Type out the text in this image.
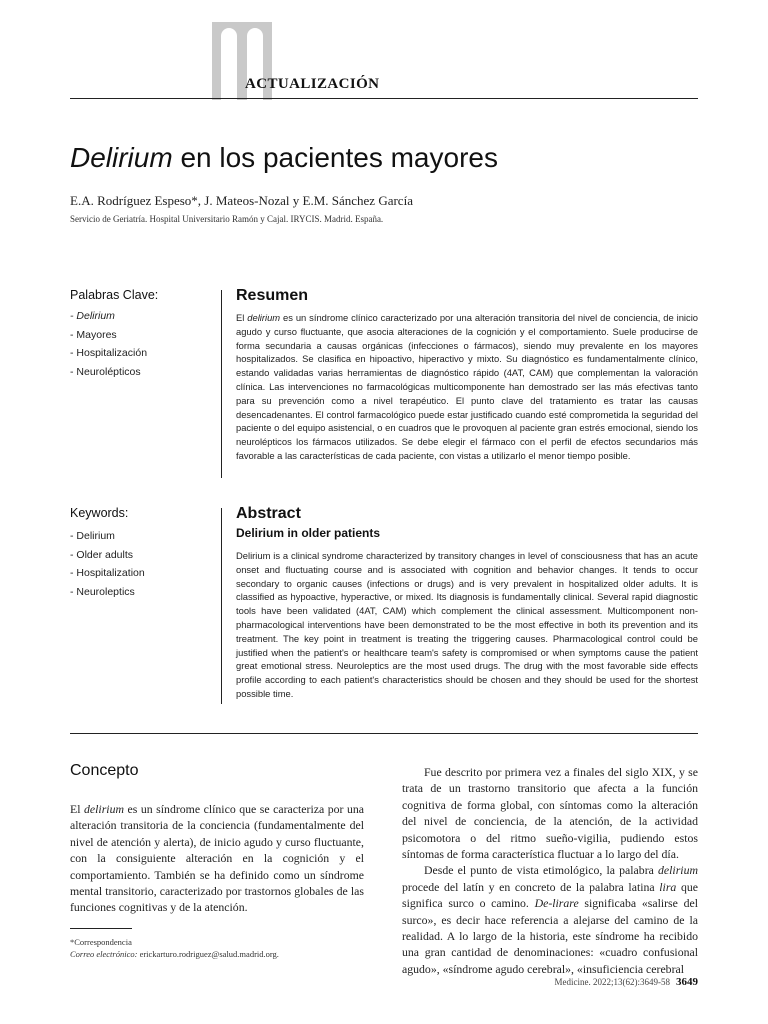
ACTUALIZACIÓN
Delirium en los pacientes mayores
E.A. Rodríguez Espeso*, J. Mateos-Nozal y E.M. Sánchez García
Servicio de Geriatría. Hospital Universitario Ramón y Cajal. IRYCIS. Madrid. España.
Palabras Clave:
- Delirium
- Mayores
- Hospitalización
- Neurolépticos
Resumen

El delirium es un síndrome clínico caracterizado por una alteración transitoria del nivel de conciencia, de inicio agudo y curso fluctuante, que asocia alteraciones de la cognición y el comportamiento. Suele producirse de forma secundaria a causas orgánicas (infecciones o fármacos), siendo muy prevalente en los mayores hospitalizados. Se clasifica en hipoactivo, hiperactivo y mixto. Su diagnóstico es fundamentalmente clínico, estando validadas varias herramientas de diagnóstico rápido (4AT, CAM) que complementan la valoración clínica. Las intervenciones no farmacológicas multicomponente han demostrado ser las más efectivas tanto para su prevención como a nivel terapéutico. El punto clave del tratamiento es tratar las causas desencadenantes. El control farmacológico puede estar justificado cuando esté comprometida la seguridad del paciente o del equipo asistencial, o en cuadros que le provoquen al paciente gran estrés emocional, siendo los neurolépticos los fármacos utilizados. Se debe elegir el fármaco con el perfil de efectos secundarios más favorable a las características de cada paciente, con vistas a utilizarlo el menor tiempo posible.

Keywords:
- Delirium
- Older adults
- Hospitalization
- Neuroleptics
Abstract
Delirium in older patients

Delirium is a clinical syndrome characterized by transitory changes in level of consciousness that has an acute onset and fluctuating course and is associated with cognition and behavior changes. It tends to occur secondary to organic causes (infections or drugs) and is very prevalent in hospitalized older adults. It is classified as hypoactive, hyperactive, or mixed. Its diagnosis is fundamentally clinical. Several rapid diagnostic tools have been validated (4AT, CAM) which complement the clinical assessment. Multicomponent non-pharmacological interventions have been demonstrated to be the most effective in both its prevention and its treatment. The key point in treatment is treating the triggering causes. Pharmacological control could be justified when the patient's or healthcare team's safety is compromised or when symptoms cause the patient great emotional stress. Neuroleptics are the most used drugs. The drug with the most favorable side effects profile according to each patient's characteristics should be chosen and they should be used for the shortest possible time.

Concepto

El delirium es un síndrome clínico que se caracteriza por una alteración transitoria de la conciencia (fundamentalmente del nivel de atención y alerta), de inicio agudo y curso fluctuante, con la consiguiente alteración en la cognición y el comportamiento. También se ha definido como un síndrome mental transitorio, caracterizado por trastornos globales de las funciones cognitivas y de la atención.

*Correspondencia
Correo electrónico: erickarturo.rodriguez@salud.madrid.org.

Fue descrito por primera vez a finales del siglo XIX, y se trata de un trastorno transitorio que afecta a la función cognitiva de forma global, con síntomas como la alteración del nivel de conciencia, de la atención, de la actividad psicomotora o del ritmo sueño-vigilia, pudiendo estos síntomas de forma característica fluctuar a lo largo del día.

Desde el punto de vista etimológico, la palabra delirium procede del latín y en concreto de la palabra latina lira que significa surco o camino. De-lirare significaba «salirse del surco», es decir hace referencia a alejarse del camino de la realidad. A lo largo de la historia, este síndrome ha recibido una gran cantidad de denominaciones: «cuadro confusional agudo», «síndrome agudo cerebral», «insuficiencia cerebral

Medicine. 2022;13(62):3649-58 3649
